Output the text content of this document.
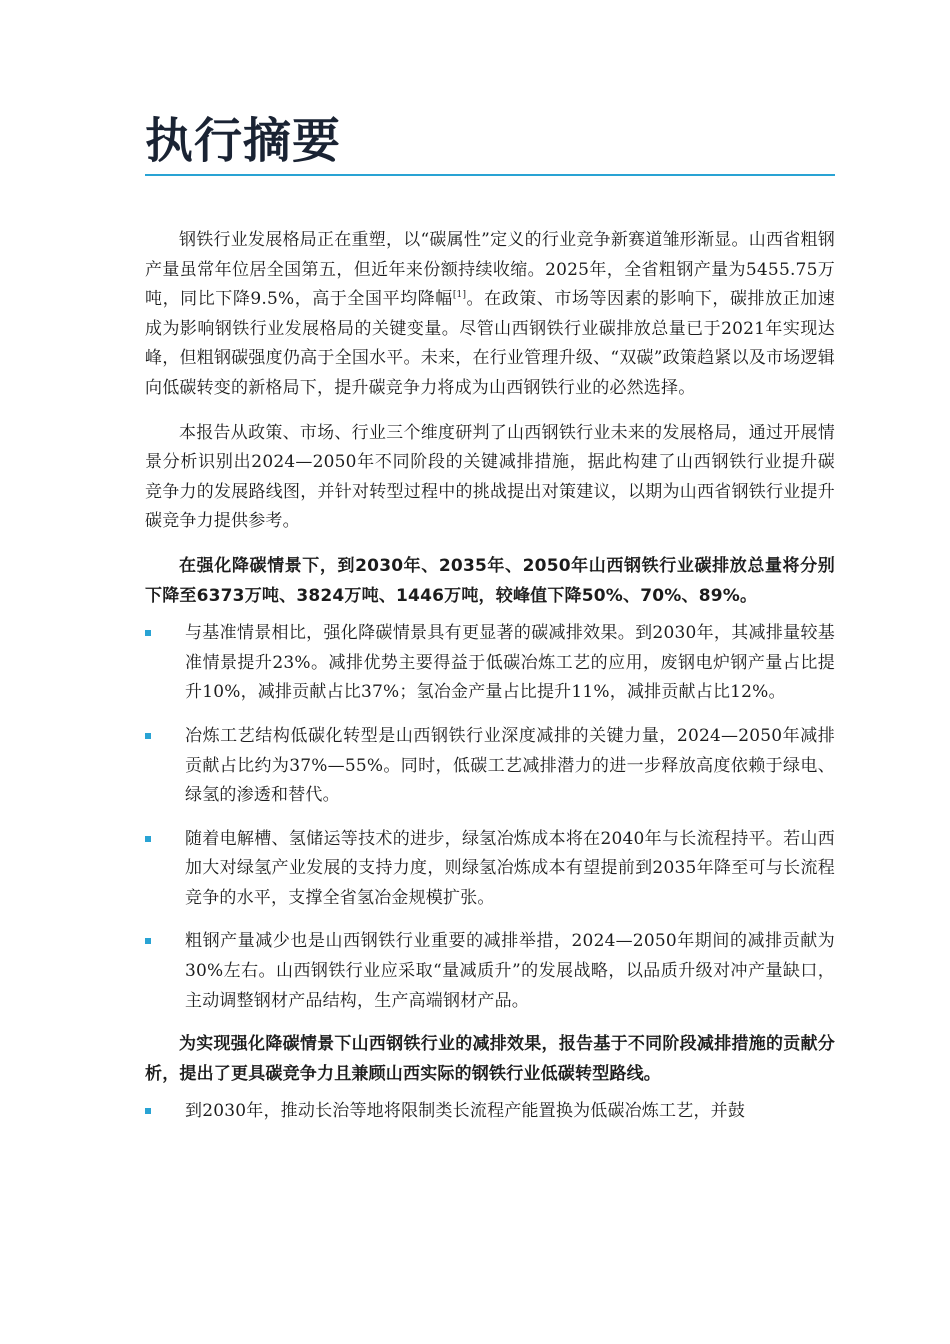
执行摘要

钢铁行业发展格局正在重塑，以“碳属性”定义的行业竞争新赛道雏形渐显。山西省粗钢产量虽常年位居全国第五，但近年来份额持续收缩。2025年，全省粗钢产量为5455.75万吨，同比下降9.5%，高于全国平均降幅[1]。在政策、市场等因素的影响下，碳排放正加速成为影响钢铁行业发展格局的关键变量。尽管山西钢铁行业碳排放总量已于2021年实现达峰，但粗钢碳强度仍高于全国水平。未来，在行业管理升级、“双碳”政策趋紧以及市场逻辑向低碳转变的新格局下，提升碳竞争力将成为山西钢铁行业的必然选择。

本报告从政策、市场、行业三个维度研判了山西钢铁行业未来的发展格局，通过开展情景分析识别出2024—2050年不同阶段的关键减排措施，据此构建了山西钢铁行业提升碳竞争力的发展路线图，并针对转型过程中的挑战提出对策建议，以期为山西省钢铁行业提升碳竞争力提供参考。

在强化降碳情景下，到2030年、2035年、2050年山西钢铁行业碳排放总量将分别下降至6373万吨、3824万吨、1446万吨，较峰值下降50%、70%、89%。

与基准情景相比，强化降碳情景具有更显著的碳减排效果。到2030年，其减排量较基准情景提升23%。减排优势主要得益于低碳冶炼工艺的应用，废钢电炉钢产量占比提升10%，减排贡献占比37%；氢冶金产量占比提升11%，减排贡献占比12%。
冶炼工艺结构低碳化转型是山西钢铁行业深度减排的关键力量，2024—2050年减排贡献占比约为37%—55%。同时，低碳工艺减排潜力的进一步释放高度依赖于绿电、绿氢的渗透和替代。
随着电解槽、氢储运等技术的进步，绿氢冶炼成本将在2040年与长流程持平。若山西加大对绿氢产业发展的支持力度，则绿氢冶炼成本有望提前到2035年降至可与长流程竞争的水平，支撑全省氢冶金规模扩张。
粗钢产量减少也是山西钢铁行业重要的减排举措，2024—2050年期间的减排贡献为30%左右。山西钢铁行业应采取“量减质升”的发展战略，以品质升级对冲产量缺口，主动调整钢材产品结构，生产高端钢材产品。

为实现强化降碳情景下山西钢铁行业的减排效果，报告基于不同阶段减排措施的贡献分析，提出了更具碳竞争力且兼顾山西实际的钢铁行业低碳转型路线。

到2030年，推动长治等地将限制类长流程产能置换为低碳冶炼工艺，并鼓
